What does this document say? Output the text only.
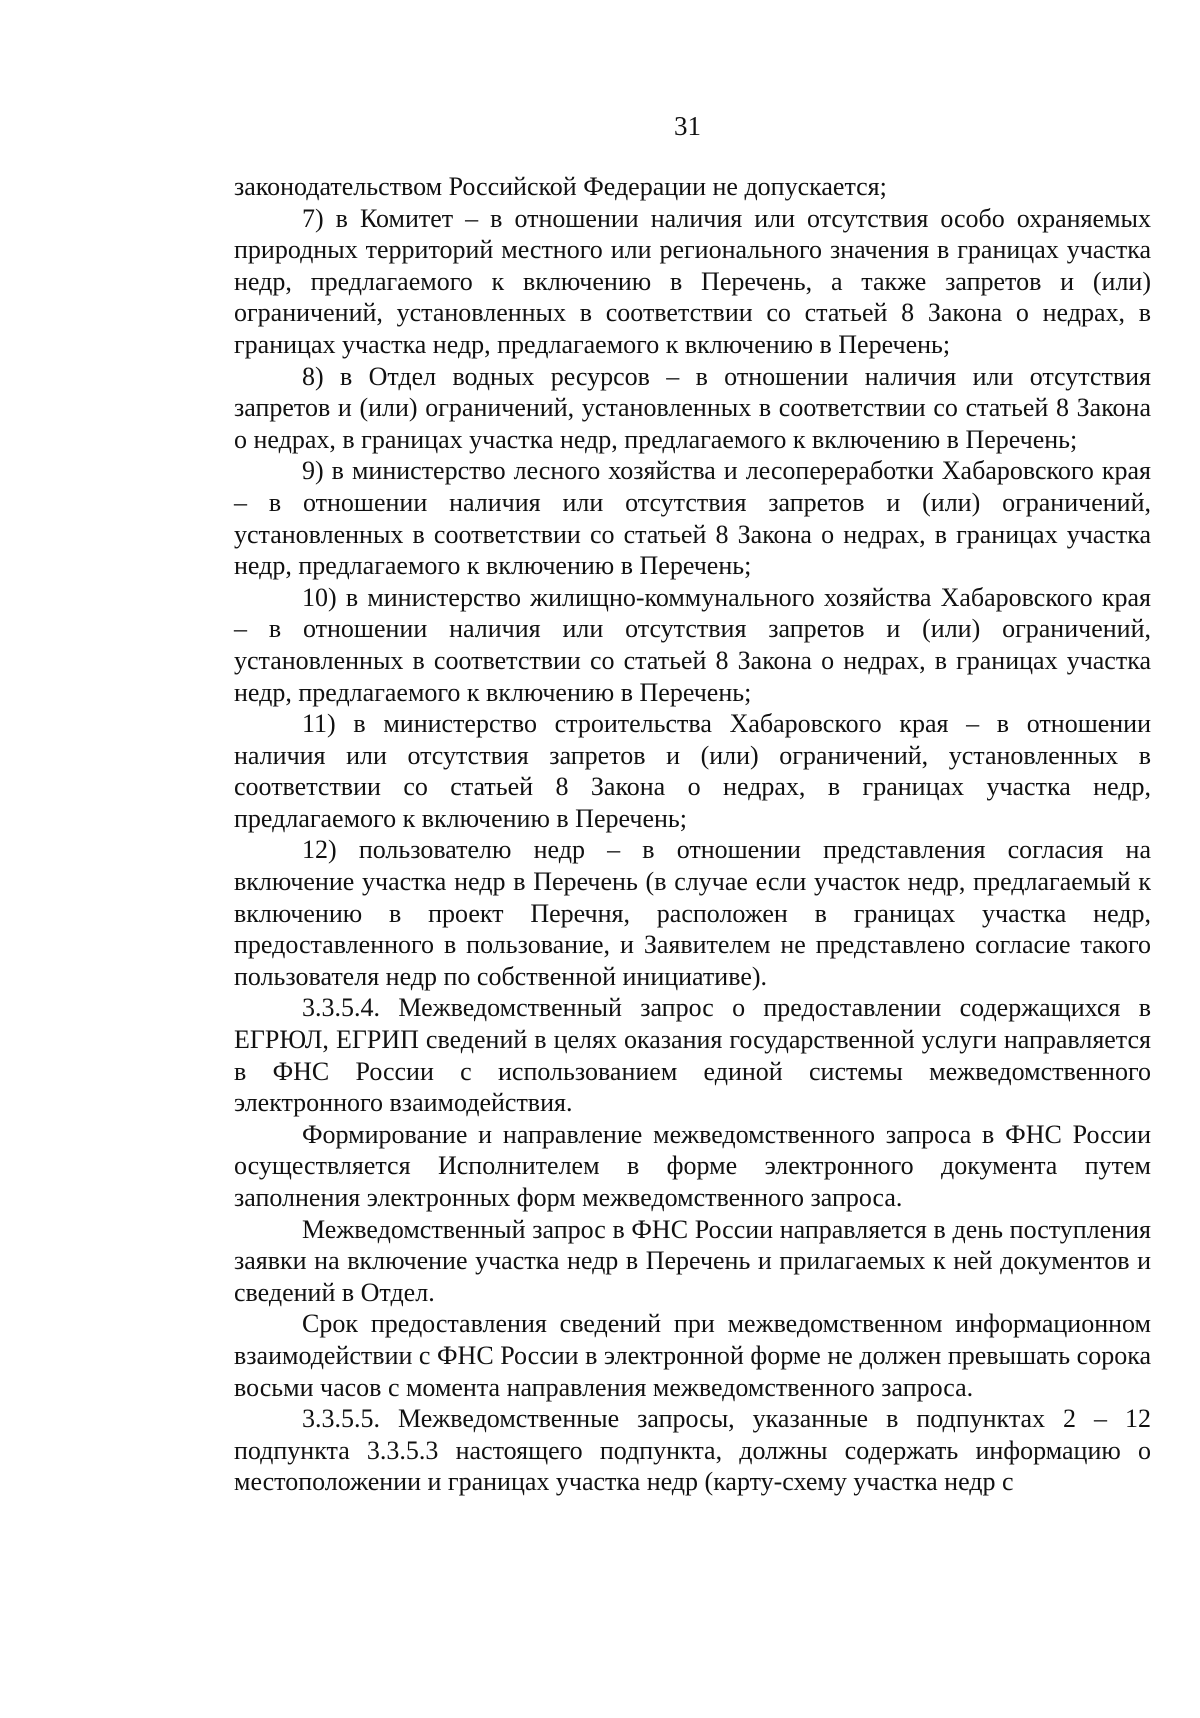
31

законодательством Российской Федерации не допускается;

7) в Комитет – в отношении наличия или отсутствия особо охраняемых природных территорий местного или регионального значения в границах участка недр, предлагаемого к включению в Перечень, а также запретов и (или) ограничений, установленных в соответствии со статьей 8 Закона о недрах, в границах участка недр, предлагаемого к включению в Перечень;

8) в Отдел водных ресурсов – в отношении наличия или отсутствия запретов и (или) ограничений, установленных в соответствии со статьей 8 Закона о недрах, в границах участка недр, предлагаемого к включению в Перечень;

9) в министерство лесного хозяйства и лесопереработки Хабаровского края – в отношении наличия или отсутствия запретов и (или) ограничений, установленных в соответствии со статьей 8 Закона о недрах, в границах участка недр, предлагаемого к включению в Перечень;

10) в министерство жилищно-коммунального хозяйства Хабаровского края – в отношении наличия или отсутствия запретов и (или) ограничений, установленных в соответствии со статьей 8 Закона о недрах, в границах участка недр, предлагаемого к включению в Перечень;

11) в министерство строительства Хабаровского края – в отношении наличия или отсутствия запретов и (или) ограничений, установленных в соответствии со статьей 8 Закона о недрах, в границах участка недр, предлагаемого к включению в Перечень;

12) пользователю недр – в отношении представления согласия на включение участка недр в Перечень (в случае если участок недр, предлагаемый к включению в проект Перечня, расположен в границах участка недр, предоставленного в пользование, и Заявителем не представлено согласие такого пользователя недр по собственной инициативе).

3.3.5.4. Межведомственный запрос о предоставлении содержащихся в ЕГРЮЛ, ЕГРИП сведений в целях оказания государственной услуги направляется в ФНС России с использованием единой системы межведомственного электронного взаимодействия.

Формирование и направление межведомственного запроса в ФНС России осуществляется Исполнителем в форме электронного документа путем заполнения электронных форм межведомственного запроса.

Межведомственный запрос в ФНС России направляется в день поступления заявки на включение участка недр в Перечень и прилагаемых к ней документов и сведений в Отдел.

Срок предоставления сведений при межведомственном информационном взаимодействии с ФНС России в электронной форме не должен превышать сорока восьми часов с момента направления межведомственного запроса.

3.3.5.5. Межведомственные запросы, указанные в подпунктах 2 – 12 подпункта 3.3.5.3 настоящего подпункта, должны содержать информацию о местоположении и границах участка недр (карту-схему участка недр с
